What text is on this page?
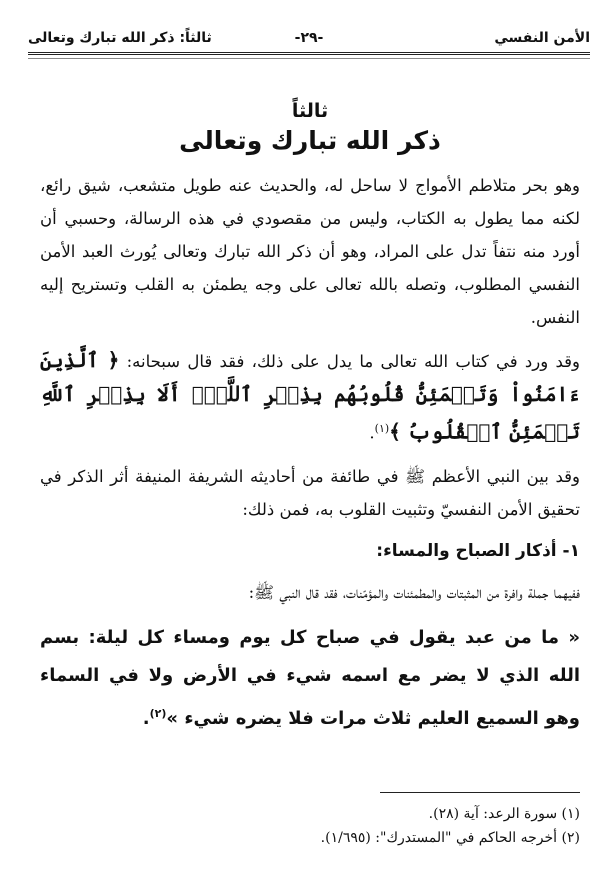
الأمن النفسي
-٢٩-
ثالثاً: ذكر الله تبارك وتعالى
ثالثاً
ذكر الله تبارك وتعالى

وهو بحر متلاطم الأمواج لا ساحل له، والحديث عنه طويل متشعب، شيق رائع، لكنه مما يطول به الكتاب، وليس من مقصودي في هذه الرسالة، وحسبي أن أورد منه نتفاً تدل على المراد، وهو أن ذكر الله تبارك وتعالى يُورث العبد الأمن النفسي المطلوب، وتصله بالله تعالى على وجه يطمئن به القلب وتستريح إليه النفس.

وقد ورد في كتاب الله تعالى ما يدل على ذلك، فقد قال سبحانه: ﴿ ٱلَّذِينَ ءَامَنُواْ وَتَطۡمَئِنُّ قُلُوبُهُم بِذِكۡرِ ٱللَّهِۗ أَلَا بِذِكۡرِ ٱللَّهِ تَطۡمَئِنُّ ٱلۡقُلُوبُ ﴾$^{(١)}$.

وقد بين النبي الأعظم ﷺ في طائفة من أحاديثه الشريفة المنيفة أثر الذكر في تحقيق الأمن النفسيّ وتثبيت القلوب به، فمن ذلك:

١- أذكار الصباح والمساء:

ففيهما جملة وافرة من المثبتات والمطمئنات والمؤمّنات، فقد قال النبي ﷺ:

« ما من عبد يقول في صباح كل يوم ومساء كل ليلة: بسم الله الذي لا يضر مع اسمه شيء في الأرض ولا في السماء وهو السميع العليم ثلاث مرات فلا يضره شيء »$^{(٢)}$.

(١) سورة الرعد: آية (٢٨).
(٢) أخرجه الحاكم في "المستدرك": (١/٦٩٥).
